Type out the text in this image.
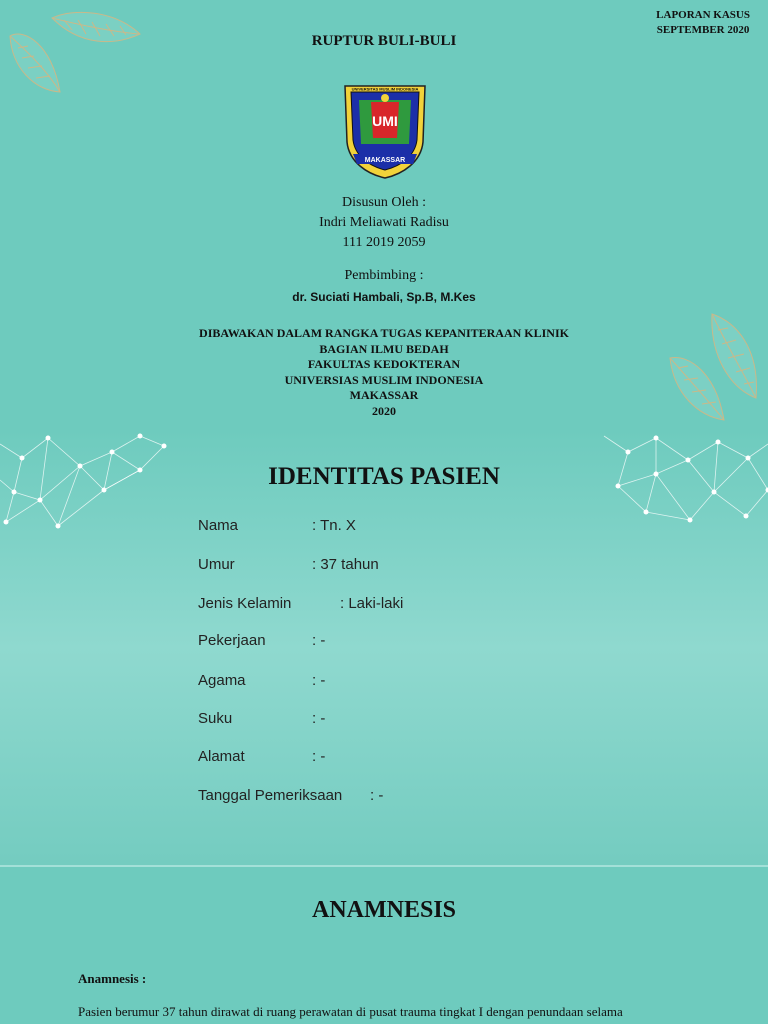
LAPORAN KASUS
SEPTEMBER 2020
RUPTUR BULI-BULI
UMI
MAKASSAR
UNIVERSITAS MUSLIM INDONESIA
Disusun Oleh :
Indri Meliawati Radisu
111 2019 2059
Pembimbing :
dr. Suciati Hambali, Sp.B, M.Kes
DIBAWAKAN DALAM RANGKA TUGAS KEPANITERAAN KLINIK
BAGIAN ILMU BEDAH
FAKULTAS KEDOKTERAN
UNIVERSIAS MUSLIM INDONESIA
MAKASSAR
2020
IDENTITAS PASIEN
Nama	: Tn. X
Umur	: 37 tahun
Jenis Kelamin	: Laki-laki
Pekerjaan	: -
Agama	: -
Suku	: -
Alamat	: -
Tanggal Pemeriksaan : -
ANAMNESIS
Anamnesis :
Pasien berumur 37 tahun dirawat di ruang perawatan di pusat trauma tingkat I dengan penundaan selama
